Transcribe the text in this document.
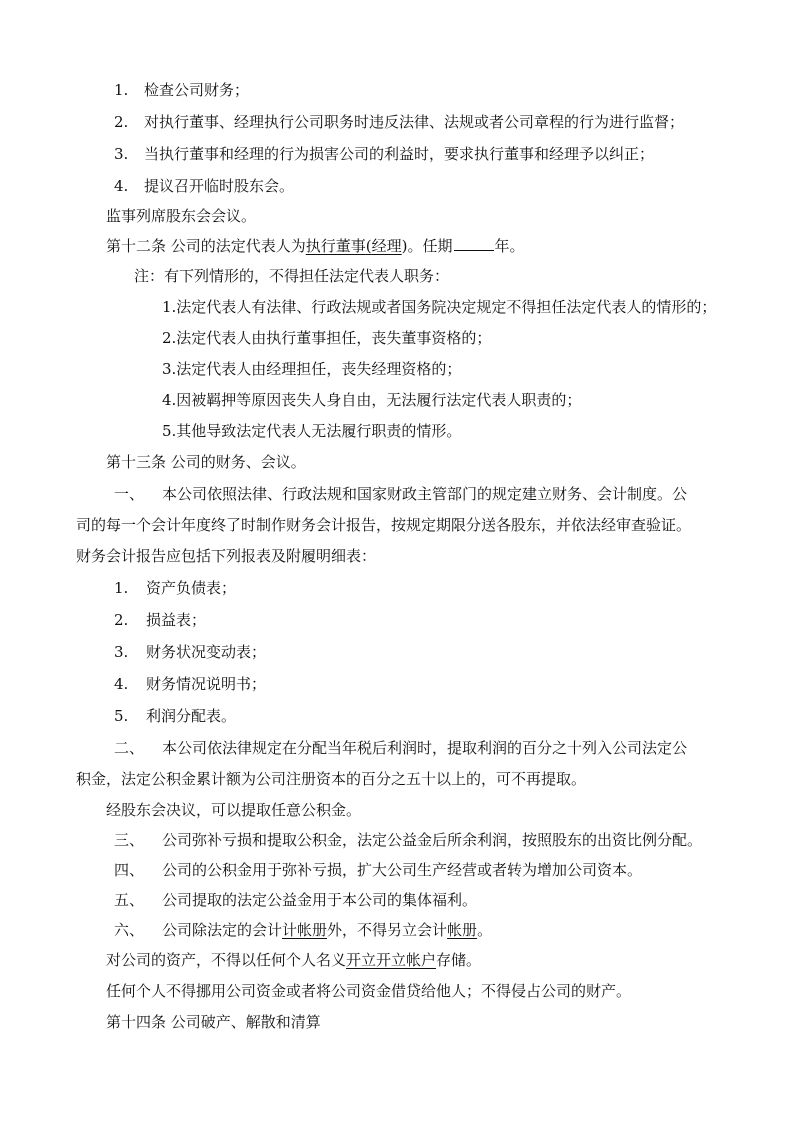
1. 检查公司财务；
2. 对执行董事、经理执行公司职务时违反法律、法规或者公司章程的行为进行监督；
3. 当执行董事和经理的行为损害公司的利益时，要求执行董事和经理予以纠正；
4. 提议召开临时股东会。
监事列席股东会会议。
第十二条 公司的法定代表人为执行董事(经理)。任期	年。
注：有下列情形的，不得担任法定代表人职务：
1.法定代表人有法律、行政法规或者国务院决定规定不得担任法定代表人的情形的；
2.法定代表人由执行董事担任，丧失董事资格的；
3.法定代表人由经理担任，丧失经理资格的；
4.因被羁押等原因丧失人身自由，无法履行法定代表人职责的；
5.其他导致法定代表人无法履行职责的情形。
第十三条 公司的财务、会议。
一、 本公司依照法律、行政法规和国家财政主管部门的规定建立财务、会计制度。公
司的每一个会计年度终了时制作财务会计报告，按规定期限分送各股东，并依法经审查验证。
财务会计报告应包括下列报表及附履明细表：
1. 资产负债表；
2. 损益表；
3. 财务状况变动表；
4. 财务情况说明书；
5. 利润分配表。
二、 本公司依法律规定在分配当年税后利润时，提取利润的百分之十列入公司法定公
积金，法定公积金累计额为公司注册资本的百分之五十以上的，可不再提取。
经股东会决议，可以提取任意公积金。
三、 公司弥补亏损和提取公积金，法定公益金后所余利润，按照股东的出资比例分配。
四、 公司的公积金用于弥补亏损，扩大公司生产经营或者转为增加公司资本。
五、 公司提取的法定公益金用于本公司的集体福利。
六、 公司除法定的会计计帐册外，不得另立会计帐册。
对公司的资产，不得以任何个人名义开立开立帐户存储。
任何个人不得挪用公司资金或者将公司资金借贷给他人；不得侵占公司的财产。
第十四条 公司破产、解散和清算
